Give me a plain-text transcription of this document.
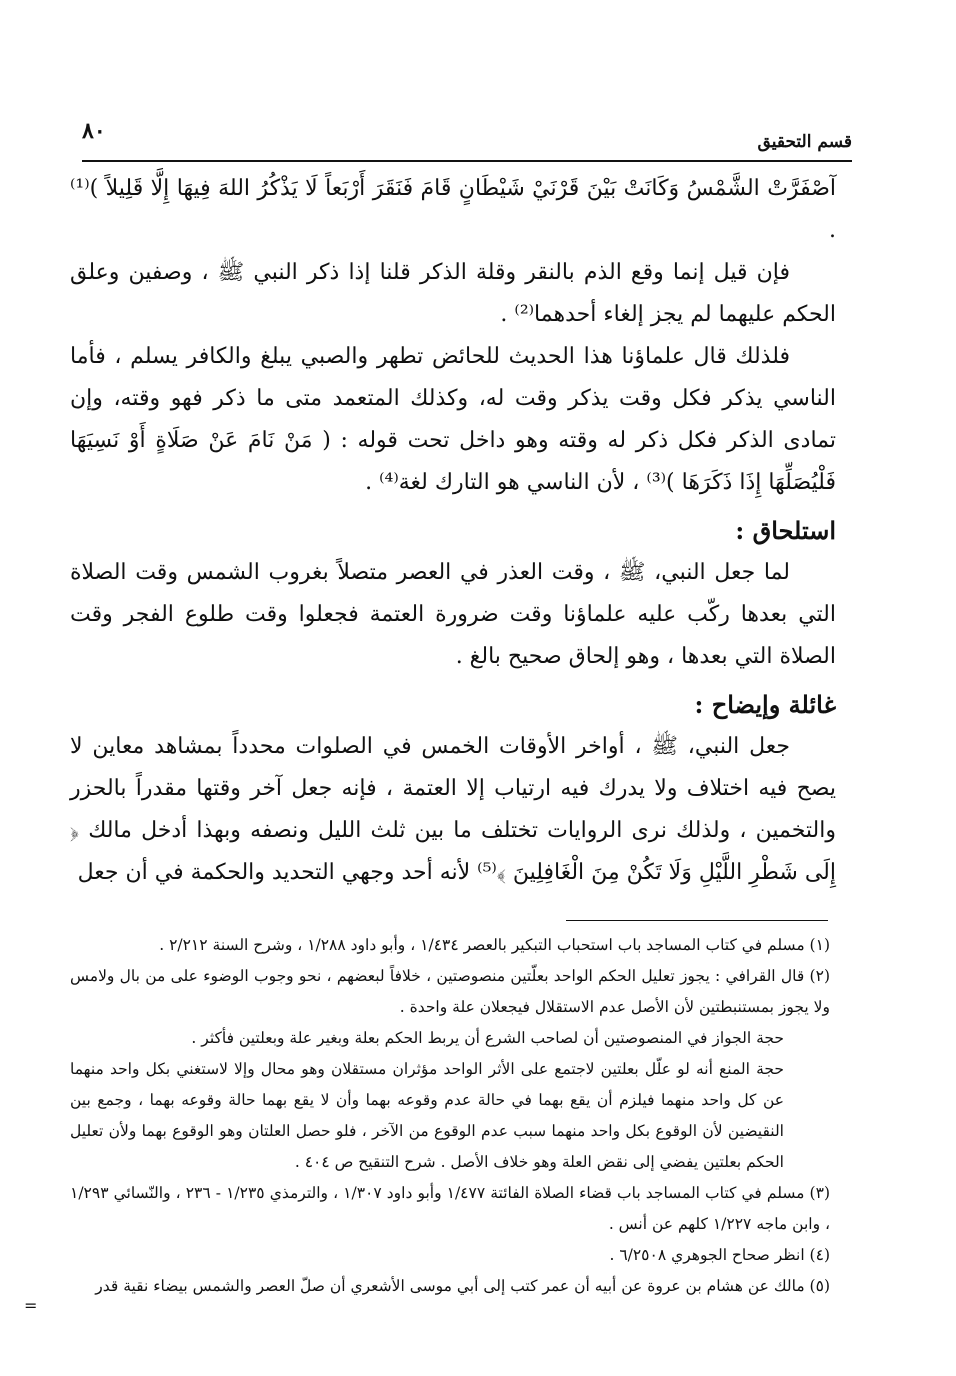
٨٠	قسم التحقيق

آصْفَرَّتْ الشَّمْسُ وَكَانَتْ بَيْنَ قَرْنَيْ شَيْطَانٍ قَامَ فَنَقَرَ أَرْبَعاً لَا يَذْكُرُ اللهَ فِيهَا إِلَّا قَلِيلاً )⁽¹⁾ .

فإن قيل إنما وقع الذم بالنقر وقلة الذكر قلنا إذا ذكر النبي ﷺ ، وصفين وعلق الحكم عليهما لم يجز إلغاء أحدهما⁽²⁾ .

فلذلك قال علماؤنا هذا الحديث للحائض تطهر والصبي يبلغ والكافر يسلم ، فأما الناسي يذكر فكل وقت يذكر وقت له، وكذلك المتعمد متى ما ذكر فهو وقته، وإن تمادى الذكر فكل ذكر له وقته وهو داخل تحت قوله : ( مَنْ نَامَ عَنْ صَلَاةٍ أَوْ نَسِيَهَا فَلْيُصَلِّهَا إِذَا ذَكَرَهَا )⁽³⁾ ، لأن الناسي هو التارك لغة⁽⁴⁾ .

استلحاق :

لما جعل النبي، ﷺ ، وقت العذر في العصر متصلاً بغروب الشمس وقت الصلاة التي بعدها ركّب عليه علماؤنا وقت ضرورة العتمة فجعلوا وقت طلوع الفجر وقت الصلاة التي بعدها ، وهو إلحاق صحيح بالغ .

غائلة وإيضاح :

جعل النبي، ﷺ ، أواخر الأوقات الخمس في الصلوات محدداً بمشاهد معاين لا يصح فيه اختلاف ولا يدرك فيه ارتياب إلا العتمة ، فإنه جعل آخر وقتها مقدراً بالحزر والتخمين ، ولذلك نرى الروايات تختلف ما بين ثلث الليل ونصفه وبهذا أدخل مالك ﴿ إِلَى شَطْرِ اللَّيْلِ وَلَا تَكُنْ مِنَ الْغَافِلِينَ ﴾⁽⁵⁾ لأنه أحد وجهي التحديد والحكمة في أن جعل

(١) مسلم في كتاب المساجد باب استحباب التبكير بالعصر ١/٤٣٤ ، وأبو داود ١/٢٨٨ ، وشرح السنة ٢/٢١٢ .

(٢) قال القرافي : يجوز تعليل الحكم الواحد بعلّتين منصوصتين ، خلافاً لبعضهم ، نحو وجوب الوضوء على من بال ولامس ولا يجوز بمستنبطتين لأن الأصل عدم الاستقلال فيجعلان علة واحدة .

حجة الجواز في المنصوصتين أن لصاحب الشرع أن يربط الحكم بعلة وبغير علة وبعلتين فأكثر .

حجة المنع أنه لو علّل بعلتين لاجتمع على الأثر الواحد مؤثران مستقلان وهو محال وإلا لاستغني بكل واحد منهما عن كل واحد منهما فيلزم أن يقع بهما في حالة عدم وقوعه بهما وأن لا يقع بهما حالة وقوعه بهما ، وجمع بين النقيضين لأن الوقوع بكل واحد منهما سبب عدم الوقوع من الآخر ، فلو حصل العلتان وهو الوقوع بهما ولأن تعليل الحكم بعلتين يفضي إلى نقض العلة وهو خلاف الأصل . شرح التنقيح ص ٤٠٤ .

(٣) مسلم في كتاب المساجد باب قضاء الصلاة الفائتة ١/٤٧٧ وأبو داود ١/٣٠٧ ، والترمذي ١/٢٣٥ - ٢٣٦ ، والنّسائي ١/٢٩٣ ، وابن ماجه ١/٢٢٧ كلهم عن أنس .

(٤) انظر صحاح الجوهري ٦/٢٥٠٨ .

(٥) مالك عن هشام بن عروة عن أبيه أن عمر كتب إلى أبي موسى الأشعري أن صلّ العصر والشمس بيضاء نقية قدر

=
